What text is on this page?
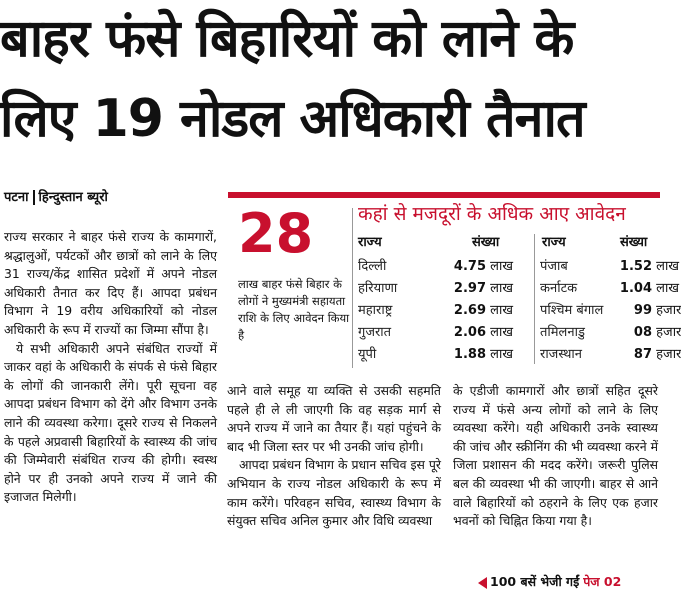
बाहर फंसे बिहारियों को लाने के
लिए 19 नोडल अधिकारी तैनात
पटना हिन्दुस्तान ब्यूरो

राज्य सरकार ने बाहर फंसे राज्य के कामगारों, श्रद्धालुओं, पर्यटकों और छात्रों को लाने के लिए 31 राज्य/केंद्र शासित प्रदेशों में अपने नोडल अधिकारी तैनात कर दिए हैं। आपदा प्रबंधन विभाग ने 19 वरीय अधिकारियों को नोडल अधिकारी के रूप में राज्यों का जिम्मा सौंपा है।

ये सभी अधिकारी अपने संबंधित राज्यों में जाकर वहां के अधिकारी के संपर्क से फंसे बिहार के लोगों की जानकारी लेंगे। पूरी सूचना वह आपदा प्रबंधन विभाग को देंगे और विभाग उनके लाने की व्यवस्था करेगा। दूसरे राज्य से निकलने के पहले अप्रवासी बिहारियों के स्वास्थ्य की जांच की जिम्मेवारी संबंधित राज्य की होगी। स्वस्थ होने पर ही उनको अपने राज्य में जाने की इजाजत मिलेगी।

28
लाख बाहर फंसे बिहार के लोगों ने मुख्यमंत्री सहायता राशि के लिए आवेदन किया है
कहां से मजदूरों के अधिक आए आवेदन
राज्य	संख्या	राज्य	संख्या
दिल्ली	4.75 लाख
हरियाणा	2.97 लाख
महाराष्ट्र	2.69 लाख
गुजरात	2.06 लाख
यूपी	1.88 लाख
पंजाब	1.52 लाख
कर्नाटक	1.04 लाख
पश्चिम बंगाल 99 हजार
तमिलनाडु	08 हजार
राजस्थान	87 हजार

आने वाले समूह या व्यक्ति से उसकी सहमति पहले ही ले ली जाएगी कि वह सड़क मार्ग से अपने राज्य में जाने का तैयार हैं। यहां पहुंचने के बाद भी जिला स्तर पर भी उनकी जांच होगी।

आपदा प्रबंधन विभाग के प्रधान सचिव इस पूरे अभियान के राज्य नोडल अधिकारी के रूप में काम करेंगे। परिवहन सचिव, स्वास्थ्य विभाग के संयुक्त सचिव अनिल कुमार और विधि व्यवस्था

के एडीजी कामगारों और छात्रों सहित दूसरे राज्य में फंसे अन्य लोगों को लाने के लिए व्यवस्था करेंगे। यही अधिकारी उनके स्वास्थ्य की जांच और स्क्रीनिंग की भी व्यवस्था करने में जिला प्रशासन की मदद करेंगे। जरूरी पुलिस बल की व्यवस्था भी की जाएगी। बाहर से आने वाले बिहारियों को ठहराने के लिए एक हजार भवनों को चिह्नित किया गया है।

100 बसें भेजी गईं पेज 02
